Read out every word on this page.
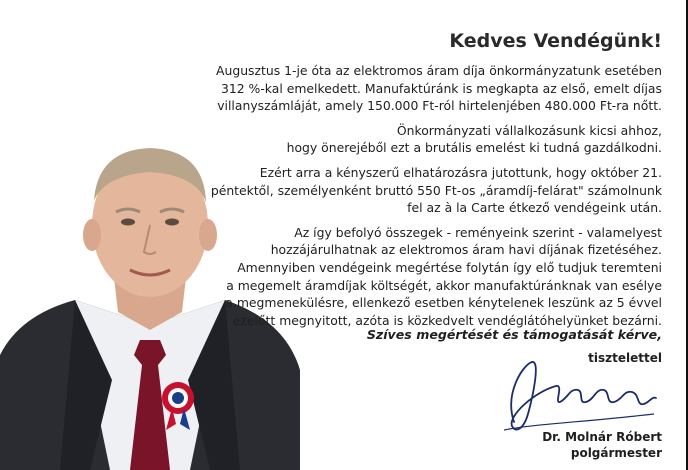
Kedves Vendégünk!

Augusztus 1-je óta az elektromos áram díja önkormányzatunk esetében
312 %-kal emelkedett. Manufaktúránk is megkapta az első, emelt díjas
villanyszámláját, amely 150.000 Ft-ról hirtelenjében 480.000 Ft-ra nőtt.

Önkormányzati vállalkozásunk kicsi ahhoz,
hogy önerejéből ezt a brutális emelést ki tudná gazdálkodni.

Ezért arra a kényszerű elhatározásra jutottunk, hogy október 21.
péntektől, személyenként bruttó 550 Ft-os „áramdíj-felárat" számolnunk
fel az à la Carte étkező vendégeink után.

Az így befolyó összegek - reményeink szerint - valamelyest
hozzájárulhatnak az elektromos áram havi díjának fizetéséhez.
Amennyiben vendégeink megértése folytán így elő tudjuk teremteni
a megemelt áramdíjak költségét, akkor manufaktúránknak van esélye
a megmenekülésre, ellenkező esetben kénytelenek leszünk az 5 évvel
ezelőtt megnyitott, azóta is közkedvelt vendéglátóhelyünket bezárni.

Szíves megértését és támogatását kérve,
tisztelettel
Dr. Molnár Róbert
polgármester
